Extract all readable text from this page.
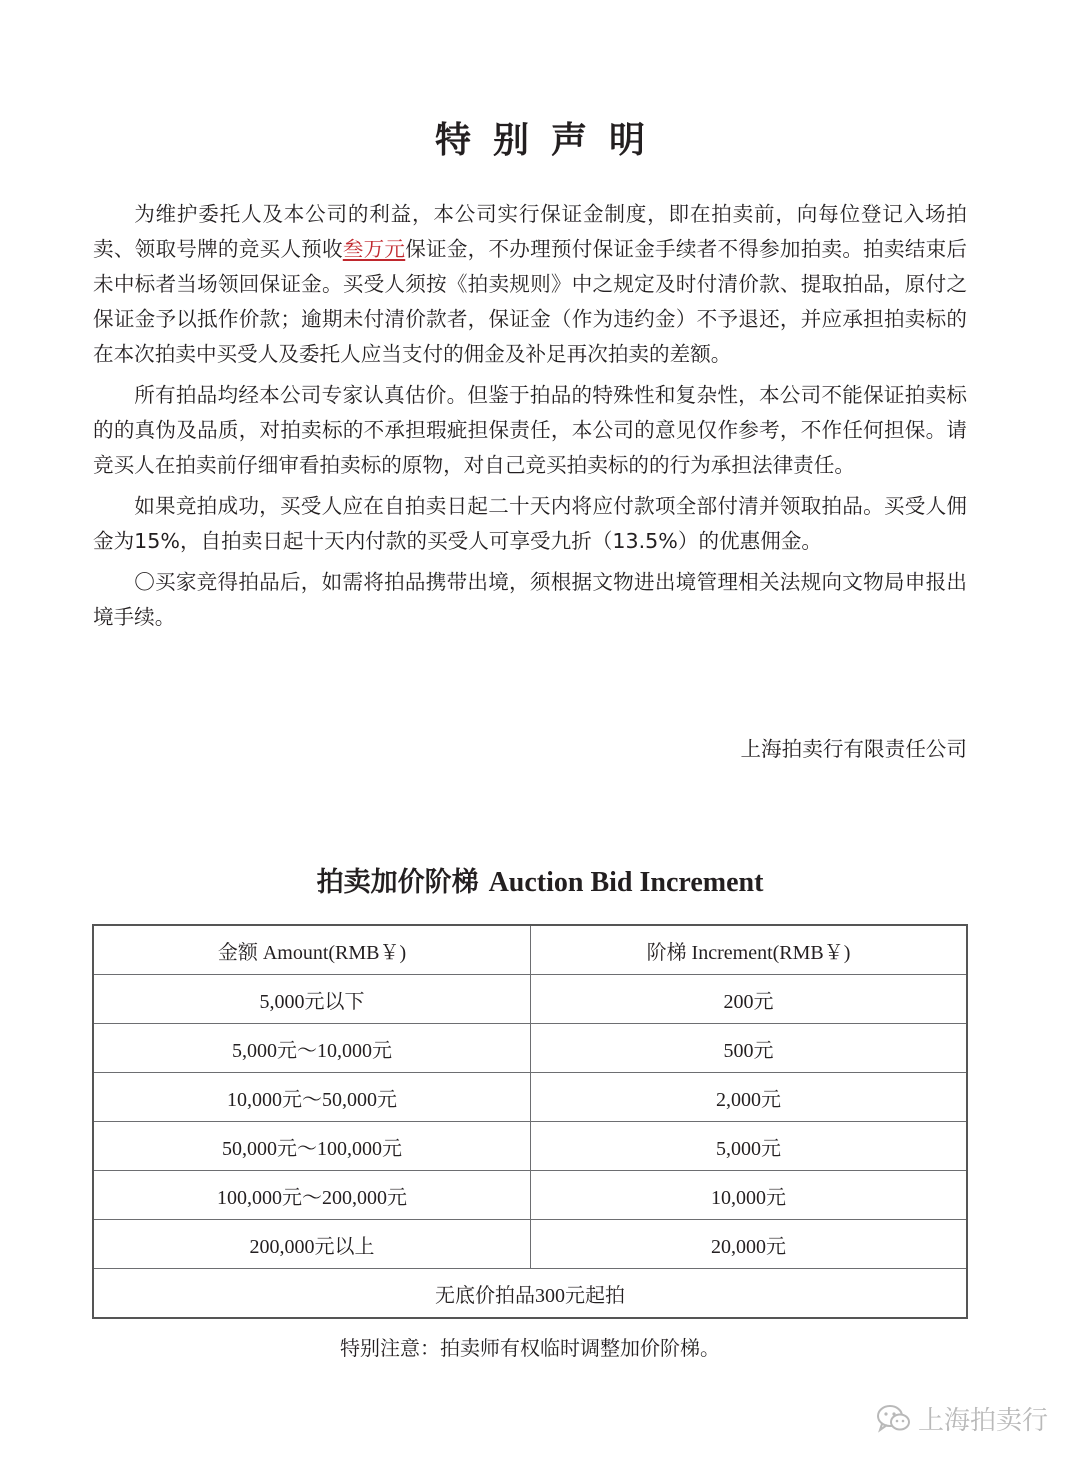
特别声明

为维护委托人及本公司的利益，本公司实行保证金制度，即在拍卖前，向每位登记入场拍卖、领取号牌的竞买人预收叁万元保证金，不办理预付保证金手续者不得参加拍卖。拍卖结束后未中标者当场领回保证金。买受人须按《拍卖规则》中之规定及时付清价款、提取拍品，原付之保证金予以抵作价款；逾期未付清价款者，保证金（作为违约金）不予退还，并应承担拍卖标的在本次拍卖中买受人及委托人应当支付的佣金及补足再次拍卖的差额。

所有拍品均经本公司专家认真估价。但鉴于拍品的特殊性和复杂性，本公司不能保证拍卖标的的真伪及品质，对拍卖标的不承担瑕疵担保责任，本公司的意见仅作参考，不作任何担保。请竞买人在拍卖前仔细审看拍卖标的原物，对自己竞买拍卖标的的行为承担法律责任。

如果竞拍成功，买受人应在自拍卖日起二十天内将应付款项全部付清并领取拍品。买受人佣金为15%，自拍卖日起十天内付款的买受人可享受九折（13.5%）的优惠佣金。

〇买家竞得拍品后，如需将拍品携带出境，须根据文物进出境管理相关法规向文物局申报出境手续。

上海拍卖行有限责任公司
拍卖加价阶梯 Auction Bid Increment
金额 Amount(RMB￥)	阶梯 Increment(RMB￥)
5,000元以下	200元
5,000元～10,000元	500元
10,000元～50,000元	2,000元
50,000元～100,000元	5,000元
100,000元～200,000元	10,000元
200,000元以上	20,000元
无底价拍品300元起拍	
特别注意：拍卖师有权临时调整加价阶梯。
上海拍卖行
